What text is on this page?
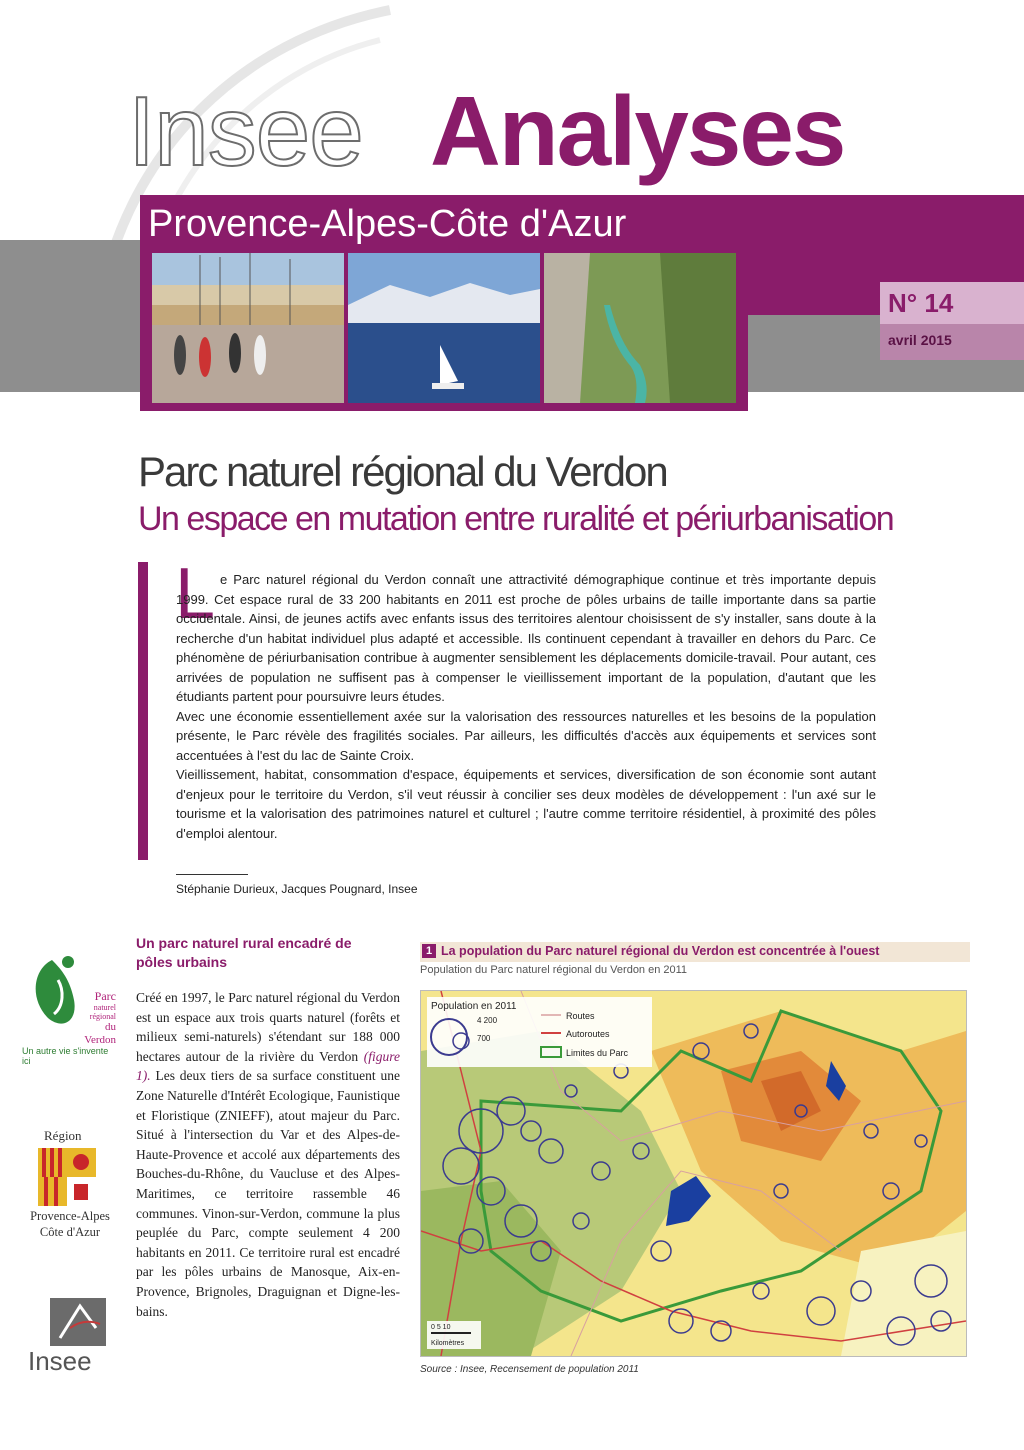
Insee Analyses
Provence-Alpes-Côte d'Azur
N° 14
avril 2015
Parc naturel régional du Verdon
Un espace en mutation entre ruralité et périurbanisation
L e Parc naturel régional du Verdon connaît une attractivité démographique continue et très importante depuis 1999. Cet espace rural de 33 200 habitants en 2011 est proche de pôles urbains de taille importante dans sa partie occidentale. Ainsi, de jeunes actifs avec enfants issus des territoires alentour choisissent de s'y installer, sans doute à la recherche d'un habitat individuel plus adapté et accessible. Ils continuent cependant à travailler en dehors du Parc. Ce phénomène de périurbanisation contribue à augmenter sensiblement les déplacements domicile-travail. Pour autant, ces arrivées de population ne suffisent pas à compenser le vieillissement important de la population, d'autant que les étudiants partent pour poursuivre leurs études.

Avec une économie essentiellement axée sur la valorisation des ressources naturelles et les besoins de la population présente, le Parc révèle des fragilités sociales. Par ailleurs, les difficultés d'accès aux équipements et services sont accentuées à l'est du lac de Sainte Croix.

Vieillissement, habitat, consommation d'espace, équipements et services, diversification de son économie sont autant d'enjeux pour le territoire du Verdon, s'il veut réussir à concilier ses deux modèles de développement : l'un axé sur le tourisme et la valorisation des patrimoines naturel et culturel ; l'autre comme territoire résidentiel, à proximité des pôles d'emploi alentour.

Stéphanie Durieux, Jacques Pougnard, Insee
Parc
naturel régional
du Verdon
Un autre vie s'invente ici
Région
Provence-Alpes Côte d'Azur
Insee
Un parc naturel rural encadré de pôles urbains
Créé en 1997, le Parc naturel régional du Verdon est un espace aux trois quarts naturel (forêts et milieux semi-naturels) s'étendant sur 188 000 hectares autour de la rivière du Verdon (figure 1). Les deux tiers de sa surface constituent une Zone Naturelle d'Intérêt Ecologique, Faunistique et Floristique (ZNIEFF), atout majeur du Parc. Situé à l'intersection du Var et des Alpes-de-Haute-Provence et accolé aux départements des Bouches-du-Rhône, du Vaucluse et des Alpes-Maritimes, ce territoire rassemble 46 communes. Vinon-sur-Verdon, commune la plus peuplée du Parc, compte seulement 4 200 habitants en 2011. Ce territoire rural est encadré par les pôles urbains de Manosque, Aix-en-Provence, Brignoles, Draguignan et Digne-les-bains.
1 La population du Parc naturel régional du Verdon est concentrée à l'ouest
Population du Parc naturel régional du Verdon en 2011
Population en 2011
4 200
700
Routes
Autoroutes
Limites du Parc
0 5 10
Kilomètres
Source : Insee, Recensement de population 2011
